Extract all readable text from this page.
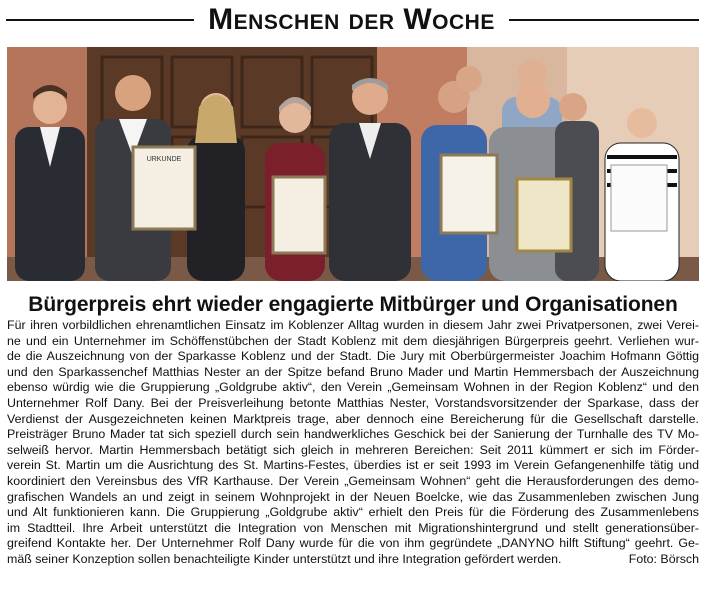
Menschen der Woche
URKUNDE
Bürgerpreis ehrt wieder engagierte Mitbürger und Organisationen
Für ihren vorbildlichen ehrenamtlichen Einsatz im Koblenzer Alltag wurden in diesem Jahr zwei Privatpersonen, zwei Verei-
ne und ein Unternehmer im Schöffenstübchen der Stadt Koblenz mit dem diesjährigen Bürgerpreis geehrt. Verliehen wur-
de die Auszeichnung von der Sparkasse Koblenz und der Stadt. Die Jury mit Oberbürgermeister Joachim Hofmann Göttig
und den Sparkassenchef Matthias Nester an der Spitze befand Bruno Mader und Martin Hemmersbach der Auszeichnung
ebenso würdig wie die Gruppierung „Goldgrube aktiv“, den Verein „Gemeinsam Wohnen in der Region Koblenz“ und den
Unternehmer Rolf Dany. Bei der Preisverleihung betonte Matthias Nester, Vorstandsvorsitzender der Sparkase, dass der
Verdienst der Ausgezeichneten keinen Marktpreis trage, aber dennoch eine Bereicherung für die Gesellschaft darstelle.
Preisträger Bruno Mader tat sich speziell durch sein handwerkliches Geschick bei der Sanierung der Turnhalle des TV Mo-
selweiß hervor. Martin Hemmersbach betätigt sich gleich in mehreren Bereichen: Seit 2011 kümmert er sich im Förder-
verein St. Martin um die Ausrichtung des St. Martins-Festes, überdies ist er seit 1993 im Verein Gefangenenhilfe tätig und
koordiniert den Vereinsbus des VfR Karthause. Der Verein „Gemeinsam Wohnen“ geht die Herausforderungen des demo-
grafischen Wandels an und zeigt in seinem Wohnprojekt in der Neuen Boelcke, wie das Zusammenleben zwischen Jung
und Alt funktionieren kann. Die Gruppierung „Goldgrube aktiv“ erhielt den Preis für die Förderung des Zusammenlebens
im Stadtteil. Ihre Arbeit unterstützt die Integration von Menschen mit Migrationshintergrund und stellt generationsüber-
greifend Kontakte her. Der Unternehmer Rolf Dany wurde für die von ihm gegründete „DANYNO hilft Stiftung“ geehrt. Ge-
mäß seiner Konzeption sollen benachteiligte Kinder unterstützt und ihre Integration gefördert werden.	Foto: Börsch
